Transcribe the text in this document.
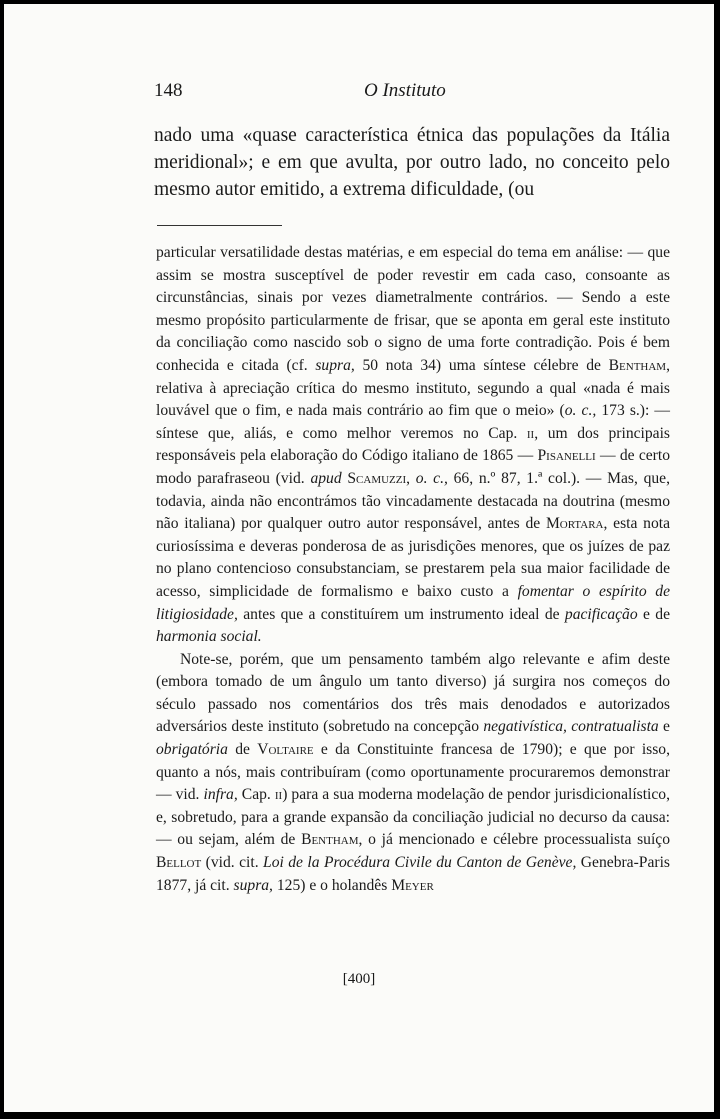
148	O Instituto

nado uma «quase característica étnica das populações da Itália meridional»; e em que avulta, por outro lado, no conceito pelo mesmo autor emitido, a extrema dificuldade, (ou

particular versatilidade destas matérias, e em especial do tema em análise: — que assim se mostra susceptível de poder revestir em cada caso, consoante as circunstâncias, sinais por vezes diametralmente contrários. — Sendo a este mesmo propósito particularmente de frisar, que se aponta em geral este instituto da conciliação como nascido sob o signo de uma forte contradição. Pois é bem conhecida e citada (cf. supra, 50 nota 34) uma síntese célebre de Bentham, relativa à apreciação crítica do mesmo instituto, segundo a qual «nada é mais louvável que o fim, e nada mais contrário ao fim que o meio» (o. c., 173 s.): — síntese que, aliás, e como melhor veremos no Cap. ii, um dos principais responsáveis pela elaboração do Código italiano de 1865 — Pisanelli — de certo modo parafraseou (vid. apud Scamuzzi, o. c., 66, n.º 87, 1.ª col.). — Mas, que, todavia, ainda não encontrámos tão vincadamente destacada na doutrina (mesmo não italiana) por qualquer outro autor responsável, antes de Mortara, esta nota curiosíssima e deveras ponderosa de as jurisdições menores, que os juízes de paz no plano contencioso consubstanciam, se prestarem pela sua maior facilidade de acesso, simplicidade de formalismo e baixo custo a fomentar o espírito de litigiosidade, antes que a constituírem um instrumento ideal de pacificação e de harmonia social.

Note-se, porém, que um pensamento também algo relevante e afim deste (embora tomado de um ângulo um tanto diverso) já surgira nos começos do século passado nos comentários dos três mais denodados e autorizados adversários deste instituto (sobretudo na concepção negativística, contratualista e obrigatória de Voltaire e da Constituinte francesa de 1790); e que por isso, quanto a nós, mais contribuíram (como oportunamente procuraremos demonstrar — vid. infra, Cap. ii) para a sua moderna modelação de pendor jurisdicionalístico, e, sobretudo, para a grande expansão da conciliação judicial no decurso da causa: — ou sejam, além de Bentham, o já mencionado e célebre processualista suíço Bellot (vid. cit. Loi de la Procédura Civile du Canton de Genève, Genebra-Paris 1877, já cit. supra, 125) e o holandês Meyer

[400]
